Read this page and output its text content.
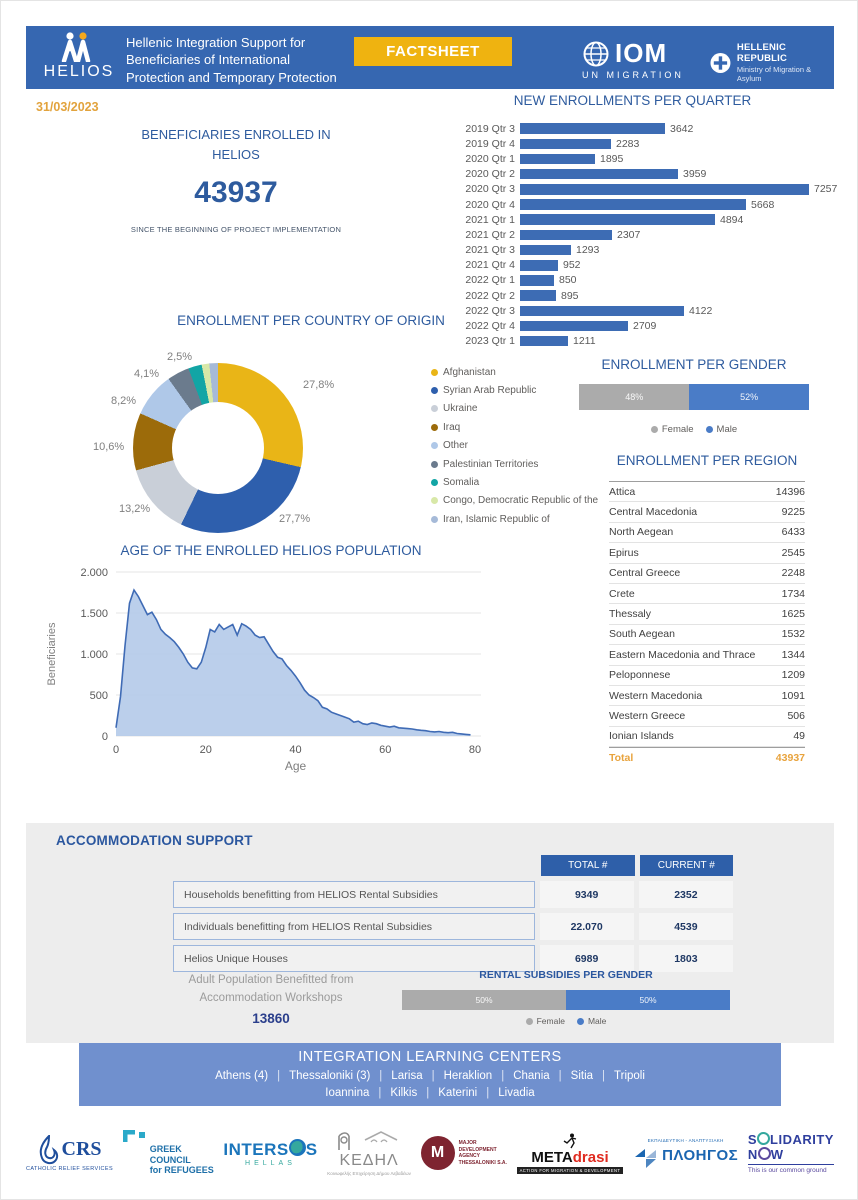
HELIOS
Hellenic Integration Support for
Beneficiaries of International
Protection and Temporary Protection
FACTSHEET	IOM
UN MIGRATION
HELLENIC REPUBLIC
Ministry of Migration & Asylum
31/03/2023
BENEFICIARIES ENROLLED IN
HELIOS
43937
SINCE THE BEGINNING OF PROJECT IMPLEMENTATION
NEW ENROLLMENTS PER QUARTER
2019 Qtr 3	3642
2019 Qtr 4	2283
2020 Qtr 1	1895
2020 Qtr 2	3959
2020 Qtr 3	7257
2020 Qtr 4	5668
2021 Qtr 1	4894
2021 Qtr 2	2307
2021 Qtr 3	1293
2021 Qtr 4	952
2022 Qtr 1	850
2022 Qtr 2	895
2022 Qtr 3	4122
2022 Qtr 4	2709
2023 Qtr 1	1211
ENROLLMENT PER COUNTRY OF ORIGIN
27,8%
27,7%
13,2%
10,6%
8,2%
4,1%
2,5%
Afghanistan
Syrian Arab Republic
Ukraine
Iraq
Other
Palestinian Territories
Somalia
Congo, Democratic Republic of the
Iran, Islamic Republic of
ENROLLMENT PER GENDER
48%	52%
Female	Male
ENROLLMENT PER REGION
Attica	14396
Central Macedonia	9225
North Aegean	6433
Epirus	2545
Central Greece	2248
Crete	1734
Thessaly	1625
South Aegean	1532
Eastern Macedonia and Thrace	1344
Peloponnese	1209
Western Macedonia	1091
Western Greece	506
Ionian Islands	49
Total	43937
AGE OF THE ENROLLED HELIOS POPULATION
0
500
1.000
1.500
2.000
0	20	40	60	80
Age
Beneficiaries
ACCOMMODATION SUPPORT
TOTAL #	CURRENT #
Households benefitting from HELIOS Rental Subsidies	9349	2352
Individuals benefitting from HELIOS Rental Subsidies	22.070	4539
Helios Unique Houses	6989	1803
Adult Population Benefitted from
Accommodation Workshops
13860
RENTAL SUBSIDIES PER GENDER
50%	50%
Female	Male
INTEGRATION LEARNING CENTERS
Athens (4) | Thessaloniki (3) | Larisa | Heraklion | Chania | Sitia | Tripoli
Ioannina | Kilkis | Katerini | Livadia
CRS
CATHOLIC RELIEF SERVICES
GREEK
COUNCIL
for REFUGEES
INTERS S
HELLAS	ΚΕΔΗΛ
Κοινωφελής Επιχείρηση Δήμου Λεβαδέων
M
MAJOR
DEVELOPMENT
AGENCY
THESSALONIKI S.A.	METAdrasi
ACTION FOR MIGRATION & DEVELOPMENT
ΕΚΠΑΙΔΕΥΤΙΚΗ - ΑΝΑΠΤΥΞΙΑΚΗ
ΠΛΟΗΓΟΣ
S LIDARITY
N W
This is our common ground
